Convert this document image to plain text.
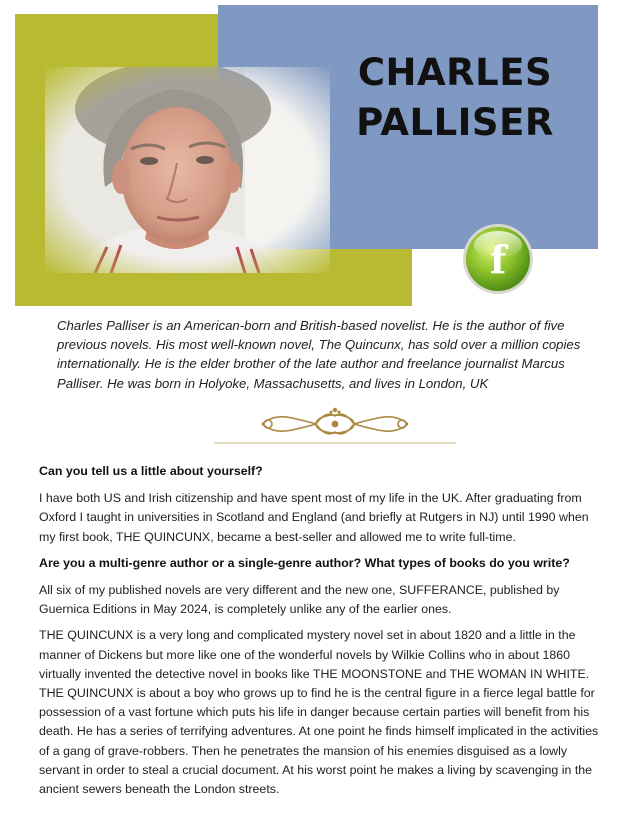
CHARLES
PALLISER
f

Charles Palliser is an American-born and British-based novelist. He is the author of five previous novels. His most well-known novel, The Quincunx, has sold over a million copies internationally. He is the elder brother of the late author and freelance journalist Marcus Palliser. He was born in Holyoke, Massachusetts, and lives in London, UK

Can you tell us a little about yourself?

I have both US and Irish citizenship and have spent most of my life in the UK. After graduating from Oxford I taught in universities in Scotland and England (and briefly at Rutgers in NJ) until 1990 when my first book, THE QUINCUNX, became a best-seller and allowed me to write full-time.

Are you a multi-genre author or a single-genre author? What types of books do you write?

All six of my published novels are very different and the new one, SUFFERANCE, published by Guernica Editions in May 2024, is completely unlike any of the earlier ones.

THE QUINCUNX is a very long and complicated mystery novel set in about 1820 and a little in the manner of Dickens but more like one of the wonderful novels by Wilkie Collins who in about 1860 virtually invented the detective novel in books like THE MOONSTONE and THE WOMAN IN WHITE. THE QUINCUNX is about a boy who grows up to find he is the central figure in a fierce legal battle for possession of a vast fortune which puts his life in danger because certain parties will benefit from his death. He has a series of terrifying adventures. At one point he finds himself implicated in the activities of a gang of grave-robbers. Then he penetrates the mansion of his enemies disguised as a lowly servant in order to steal a crucial document. At his worst point he makes a living by scavenging in the ancient sewers beneath the London streets.
